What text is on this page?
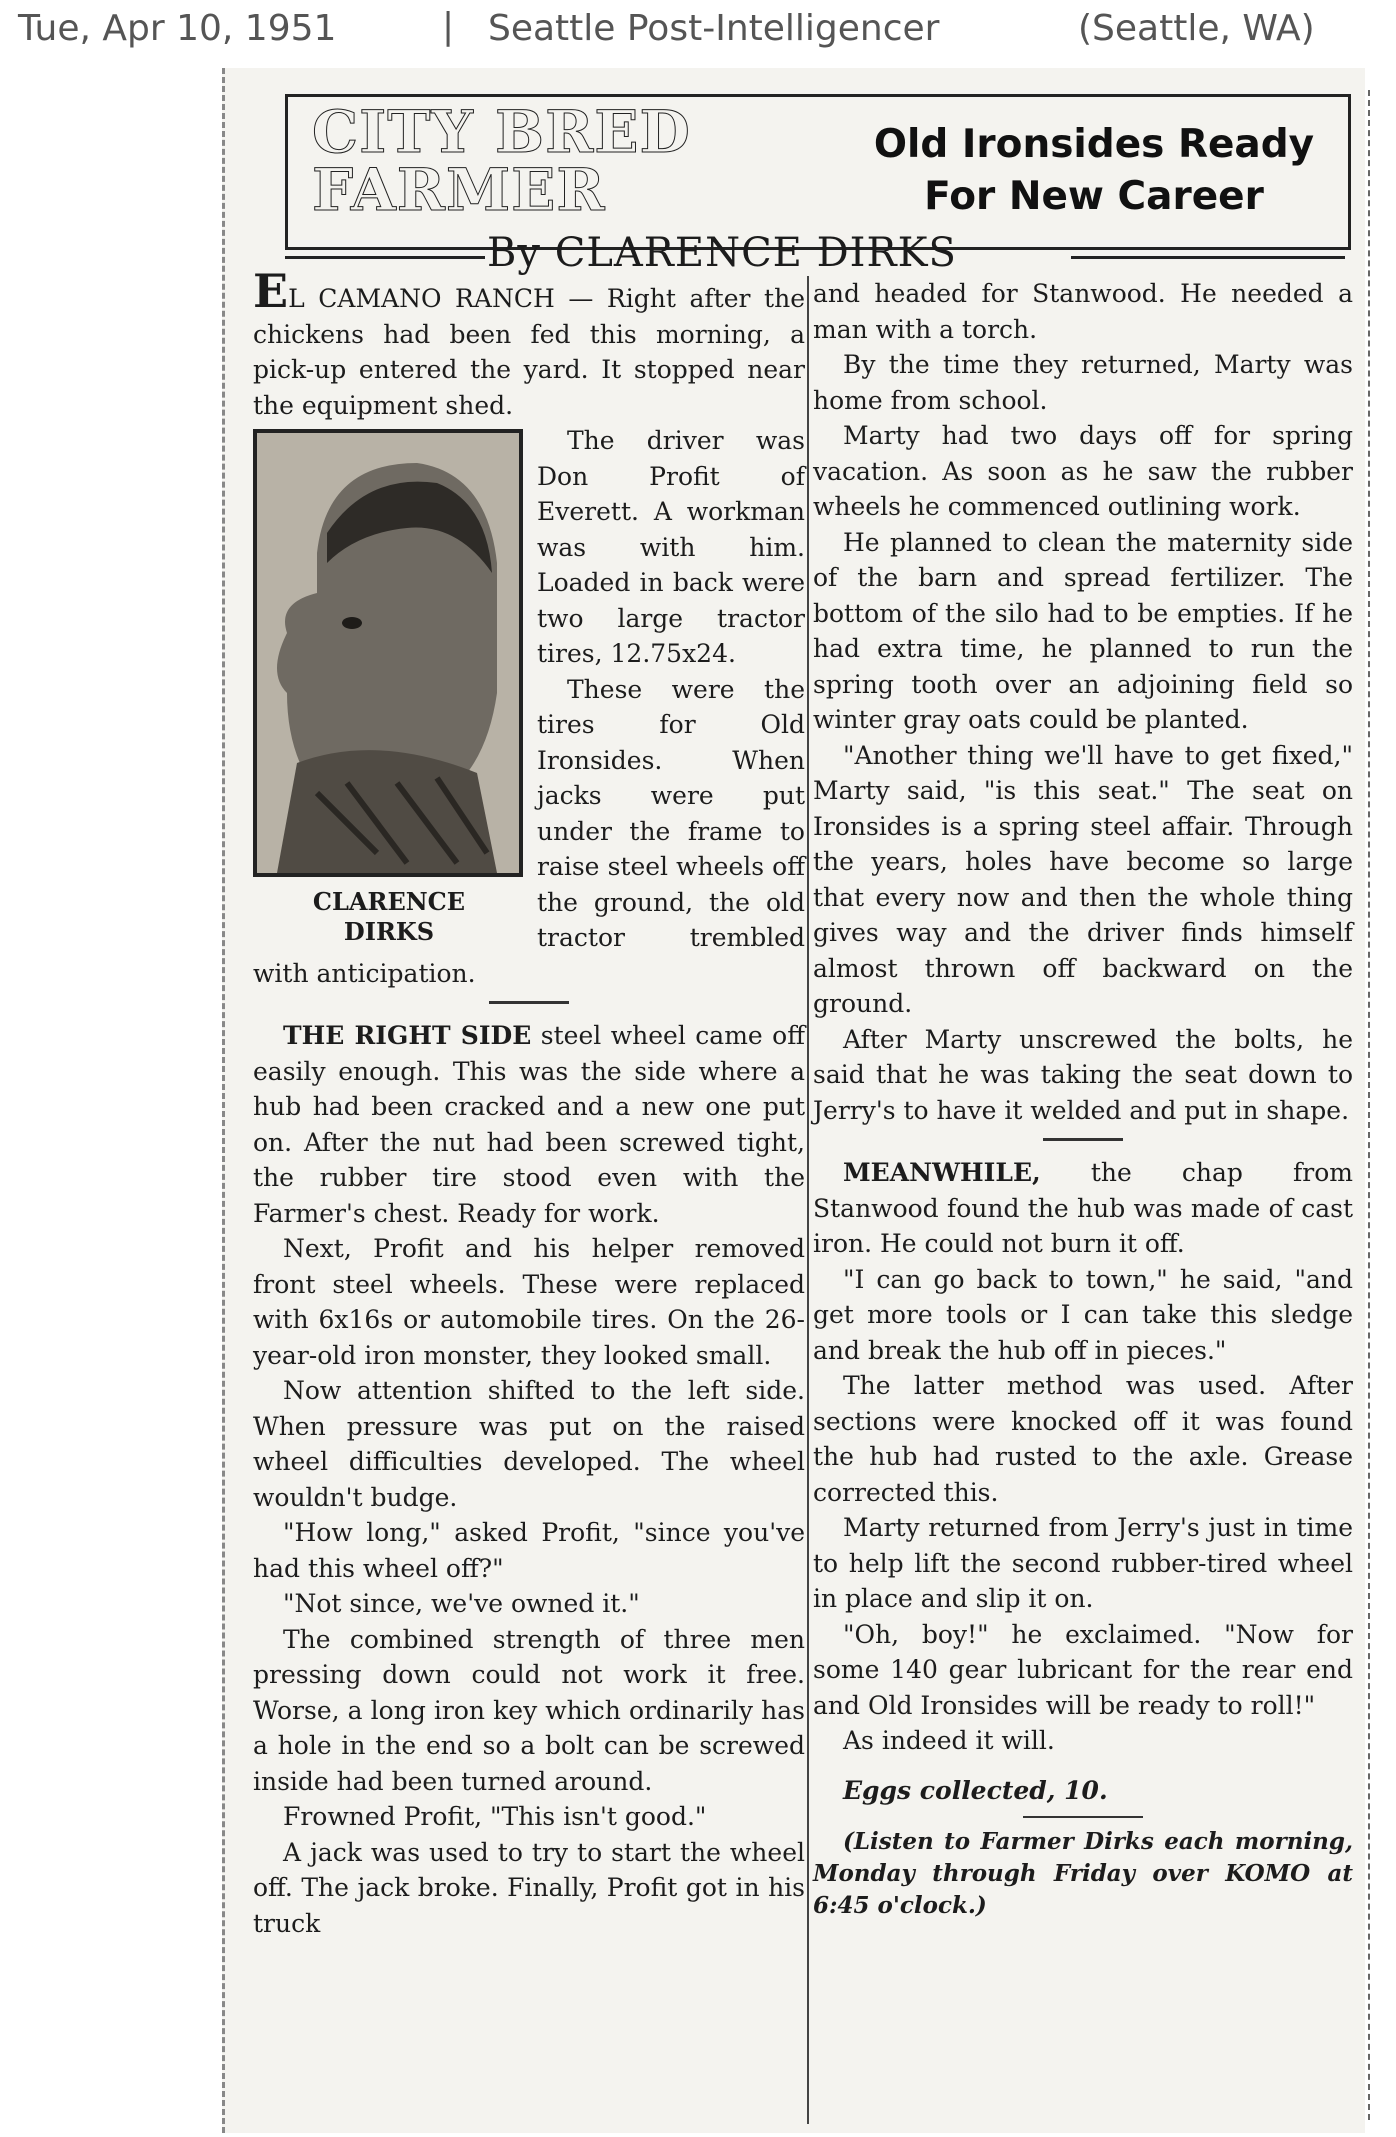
Tue, Apr 10, 1951	| Seattle Post-Intelligencer	(Seattle, WA)
CITY BRED
FARMER
Old Ironsides Ready
For New Career
By CLARENCE DIRKS

EL CAMANO RANCH — Right after the chickens had been fed this morning, a pick-up entered the yard. It stopped near the equipment shed.

CLARENCE
DIRKS

The driver was Don Profit of Everett. A workman was with him. Loaded in back were two large tractor tires, 12.75x24.

These were the tires for Old Ironsides. When jacks were put under the frame to raise steel wheels off the ground, the old tractor trembled with anticipation.

THE RIGHT SIDE steel wheel came off easily enough. This was the side where a hub had been cracked and a new one put on. After the nut had been screwed tight, the rubber tire stood even with the Farmer's chest. Ready for work.

Next, Profit and his helper removed front steel wheels. These were replaced with 6x16s or automobile tires. On the 26-year-old iron monster, they looked small.

Now attention shifted to the left side. When pressure was put on the raised wheel difficulties developed. The wheel wouldn't budge.

"How long," asked Profit, "since you've had this wheel off?"

"Not since, we've owned it."

The combined strength of three men pressing down could not work it free. Worse, a long iron key which ordinarily has a hole in the end so a bolt can be screwed inside had been turned around.

Frowned Profit, "This isn't good."

A jack was used to try to start the wheel off. The jack broke. Finally, Profit got in his truck

and headed for Stanwood. He needed a man with a torch.

By the time they returned, Marty was home from school.

Marty had two days off for spring vacation. As soon as he saw the rubber wheels he commenced outlining work.

He planned to clean the maternity side of the barn and spread fertilizer. The bottom of the silo had to be empties. If he had extra time, he planned to run the spring tooth over an adjoining field so winter gray oats could be planted.

"Another thing we'll have to get fixed," Marty said, "is this seat." The seat on Ironsides is a spring steel affair. Through the years, holes have become so large that every now and then the whole thing gives way and the driver finds himself almost thrown off backward on the ground.

After Marty unscrewed the bolts, he said that he was taking the seat down to Jerry's to have it welded and put in shape.

MEANWHILE, the chap from Stanwood found the hub was made of cast iron. He could not burn it off.

"I can go back to town," he said, "and get more tools or I can take this sledge and break the hub off in pieces."

The latter method was used. After sections were knocked off it was found the hub had rusted to the axle. Grease corrected this.

Marty returned from Jerry's just in time to help lift the second rubber-tired wheel in place and slip it on.

"Oh, boy!" he exclaimed. "Now for some 140 gear lubricant for the rear end and Old Ironsides will be ready to roll!"

As indeed it will.

Eggs collected, 10.

(Listen to Farmer Dirks each morning, Monday through Friday over KOMO at 6:45 o'clock.)
